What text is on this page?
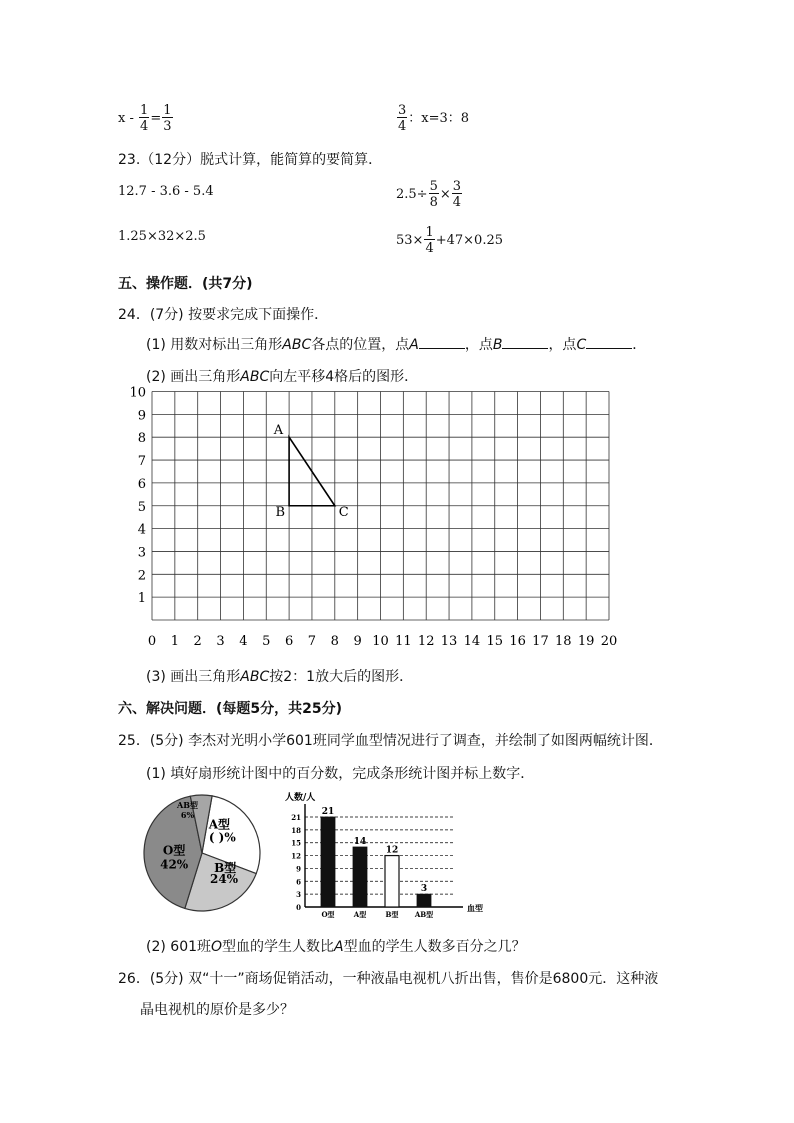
$x - \frac{1}{4} = \frac{1}{3}$	$\frac{3}{4}$ ：x=3：8
23.（12分）脱式计算，能简算的要简算．
12.7 - 3.6 - 5.4	$2.5\div \frac{5}{8} \times \frac{3}{4}$
1.25×32×2.5	$53\times \frac{1}{4} +47\times 0.25$
五、操作题．(共7分)
24．(7分) 按要求完成下面操作．
(1) 用数对标出三角形ABC各点的位置，点A	，点B	，点C	．
(2) 画出三角形ABC向左平移4格后的图形．
0 1 2 3 4 5 6 7 8 9 10 11 12 13 14 15 16 17 18 19 20
1
2
3
4
5
6
7
8
9
10
A
B	C
(3) 画出三角形ABC按2：1放大后的图形．
六、解决问题．(每题5分，共25分)
25．(5分) 李杰对光明小学601班同学血型情况进行了调查，并绘制了如图两幅统计图．
(1) 填好扇形统计图中的百分数，完成条形统计图并标上数字．
A型
( )%
B型
24%
O型
42%
AB型
6%
人数/人
21
18
15
12
9
6
3
0
21
O型
14
A型
12
B型
3
AB型
血型
(2) 601班O型血的学生人数比A型血的学生人数多百分之几？
26．(5分) 双“十一”商场促销活动，一种液晶电视机八折出售，售价是6800元．这种液
晶电视机的原价是多少？
